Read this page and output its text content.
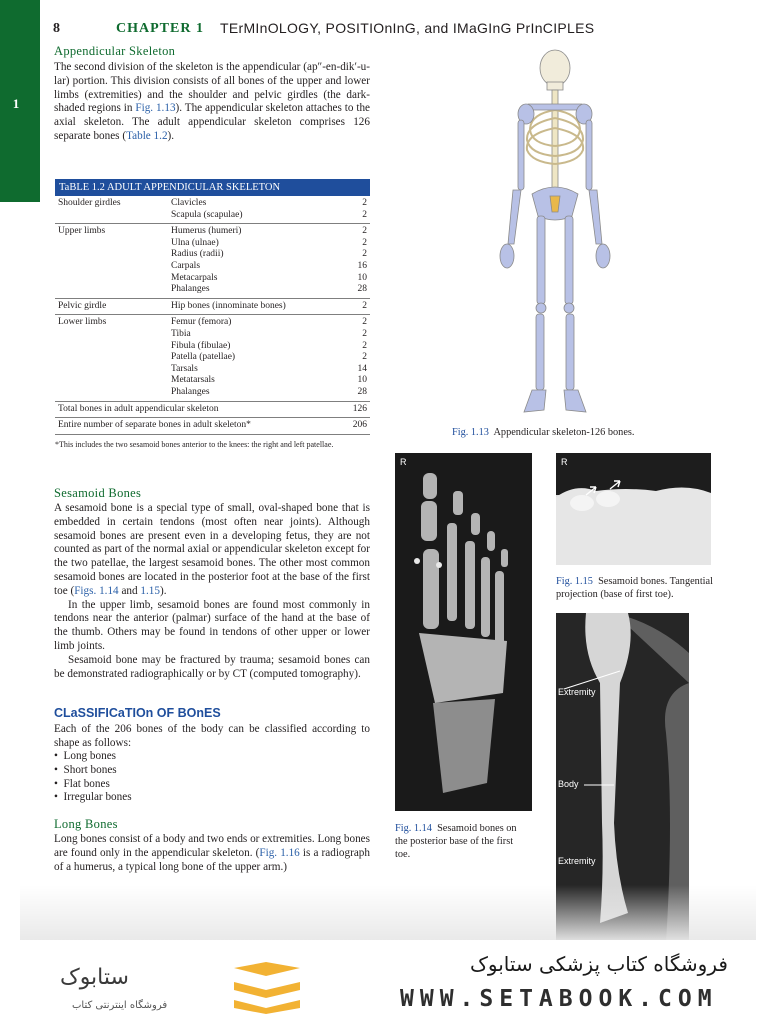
1
8	CHAPTER 1 TErMInOLOGY, POSITIOnInG, and IMaGInG PrInCIPLES
Appendicular Skeleton
The second division of the skeleton is the appendicular (ap″-en-dik′-u-lar) portion. This division consists of all bones of the upper and lower limbs (extremities) and the shoulder and pelvic girdles (the dark-shaded regions in Fig. 1.13). The appendicular skeleton attaches to the axial skeleton. The adult appendicular skeleton comprises 126 separate bones (Table 1.2).
TaBLE 1.2 ADULT APPENDICULAR SKELETON
Shoulder girdles	Clavicles	2
	Scapula (scapulae)	2
Upper limbs	Humerus (humeri)	2
	Ulna (ulnae)	2
	Radius (radii)	2
	Carpals	16
	Metacarpals	10
	Phalanges	28
Pelvic girdle	Hip bones (innominate bones)	2
Lower limbs	Femur (femora)	2
	Tibia	2
	Fibula (fibulae)	2
	Patella (patellae)	2
	Tarsals	14
	Metatarsals	10
	Phalanges	28
Total bones in adult appendicular skeleton		126
Entire number of separate bones in adult skeleton*		206
*This includes the two sesamoid bones anterior to the knees: the right and left patellae.
Fig. 1.13 Appendicular skeleton-126 bones.
Sesamoid Bones

A sesamoid bone is a special type of small, oval-shaped bone that is embedded in certain tendons (most often near joints). Although sesamoid bones are present even in a developing fetus, they are not counted as part of the normal axial or appendicular skeleton except for the two patellae, the largest sesamoid bones. The other most common sesamoid bones are located in the posterior foot at the base of the first toe (Figs. 1.14 and 1.15).

In the upper limb, sesamoid bones are found most commonly in tendons near the anterior (palmar) surface of the hand at the base of the thumb. Others may be found in tendons of other upper or lower limb joints.

Sesamoid bone may be fractured by trauma; sesamoid bones can be demonstrated radiographically or by CT (computed tomography).

CLaSSIFICaTIOn OF BOnES
Each of the 206 bones of the body can be classified according to shape as follows:
•  Long bones
•  Short bones
•  Flat bones
•  Irregular bones
Long Bones
Long bones consist of a body and two ends or extremities. Long bones are found only in the appendicular skeleton. (Fig. 1.16 is a radiograph of a humerus, a typical long bone of the upper arm.)
R
Fig. 1.14 Sesamoid bones on the posterior base of the first toe.
R
Fig. 1.15 Sesamoid bones. Tangential projection (base of first toe).
Extremity
Body
Extremity
ستابوک
فروشگاه اینترنتی کتاب
فروشگاه کتاب پزشکی ستابوک
WWW.SETABOOK.COM
